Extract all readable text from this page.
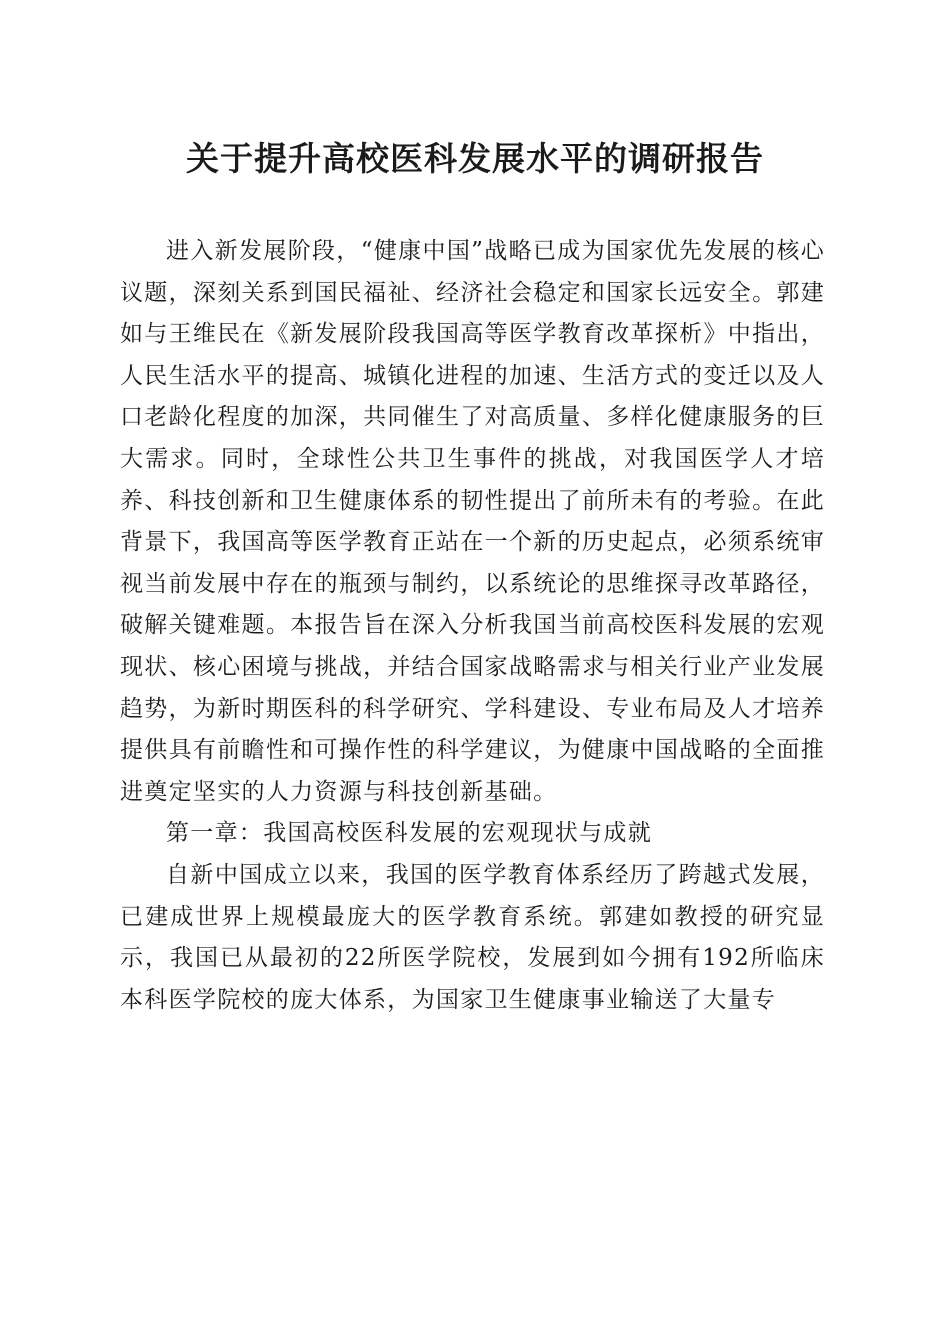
关于提升高校医科发展水平的调研报告

进入新发展阶段，“健康中国”战略已成为国家优先发展的核心议题，深刻关系到国民福祉、经济社会稳定和国家长远安全。郭建如与王维民在《新发展阶段我国高等医学教育改革探析》中指出，人民生活水平的提高、城镇化进程的加速、生活方式的变迁以及人口老龄化程度的加深，共同催生了对高质量、多样化健康服务的巨大需求。同时，全球性公共卫生事件的挑战，对我国医学人才培养、科技创新和卫生健康体系的韧性提出了前所未有的考验。在此背景下，我国高等医学教育正站在一个新的历史起点，必须系统审视当前发展中存在的瓶颈与制约，以系统论的思维探寻改革路径，破解关键难题。本报告旨在深入分析我国当前高校医科发展的宏观现状、核心困境与挑战，并结合国家战略需求与相关行业产业发展趋势，为新时期医科的科学研究、学科建设、专业布局及人才培养提供具有前瞻性和可操作性的科学建议，为健康中国战略的全面推进奠定坚实的人力资源与科技创新基础。

第一章：我国高校医科发展的宏观现状与成就

自新中国成立以来，我国的医学教育体系经历了跨越式发展，已建成世界上规模最庞大的医学教育系统。郭建如教授的研究显示，我国已从最初的22所医学院校，发展到如今拥有192所临床本科医学院校的庞大体系，为国家卫生健康事业输送了大量专
